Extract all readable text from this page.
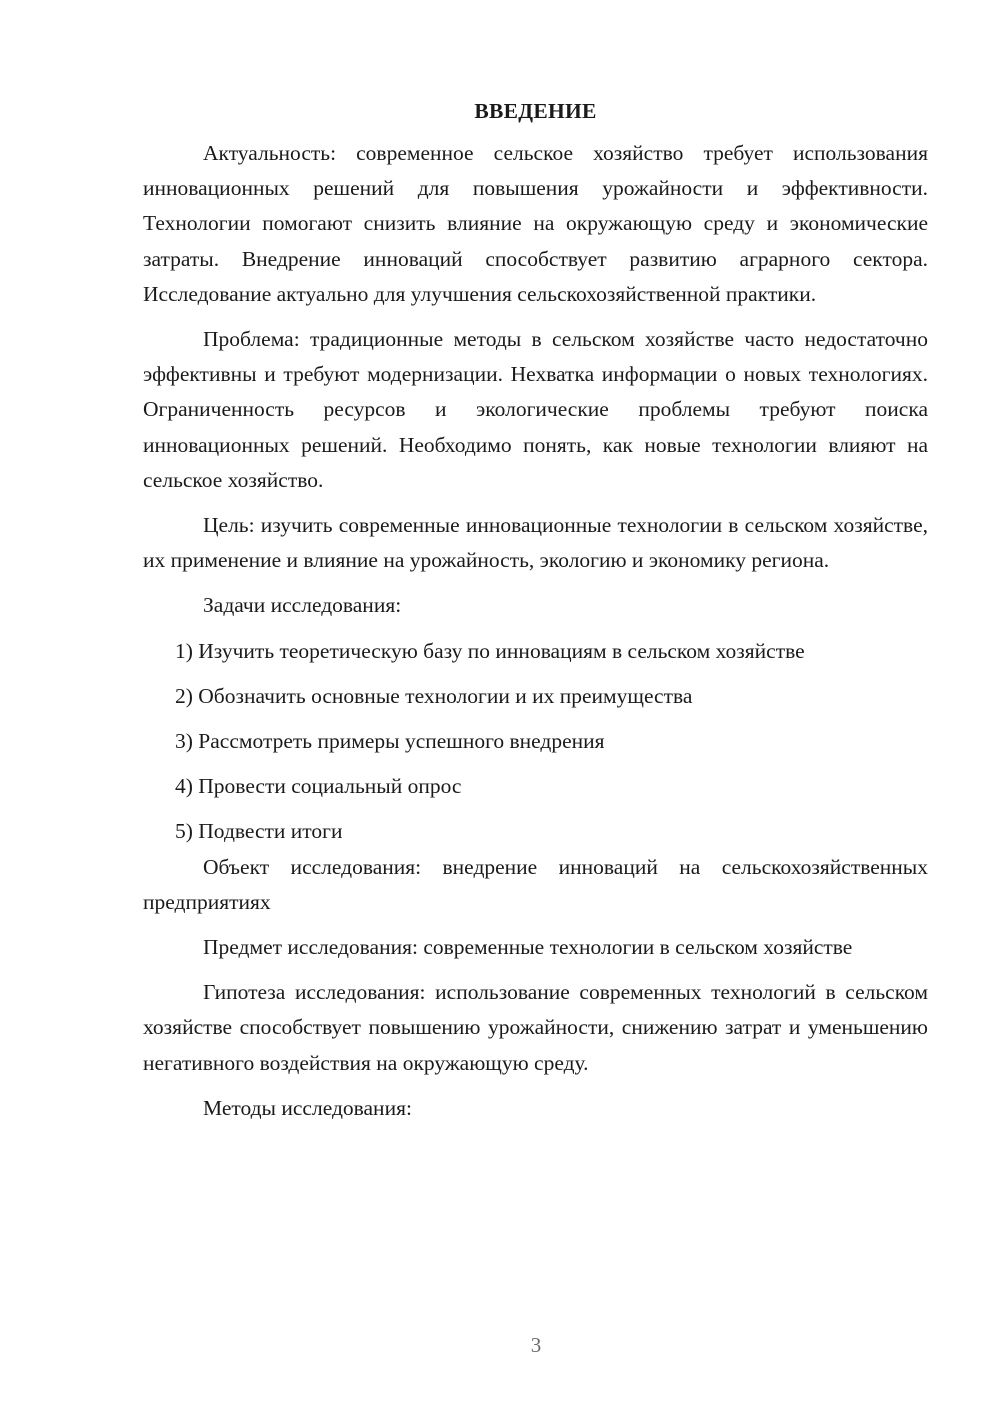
ВВЕДЕНИЕ

Актуальность: современное сельское хозяйство требует использования инновационных решений для повышения урожайности и эффективности. Технологии помогают снизить влияние на окружающую среду и экономические затраты. Внедрение инноваций способствует развитию аграрного сектора. Исследование актуально для улучшения сельскохозяйственной практики.

Проблема: традиционные методы в сельском хозяйстве часто недостаточно эффективны и требуют модернизации. Нехватка информации о новых технологиях. Ограниченность ресурсов и экологические проблемы требуют поиска инновационных решений. Необходимо понять, как новые технологии влияют на сельское хозяйство.

Цель: изучить современные инновационные технологии в сельском хозяйстве, их применение и влияние на урожайность, экологию и экономику региона.

Задачи исследования:

1) Изучить теоретическую базу по инновациям в сельском хозяйстве
2) Обозначить основные технологии и их преимущества
3) Рассмотреть примеры успешного внедрения
4) Провести социальный опрос
5) Подвести итоги

Объект исследования: внедрение инноваций на сельскохозяйственных предприятиях

Предмет исследования: современные технологии в сельском хозяйстве

Гипотеза исследования: использование современных технологий в сельском хозяйстве способствует повышению урожайности, снижению затрат и уменьшению негативного воздействия на окружающую среду.

Методы исследования:

3
